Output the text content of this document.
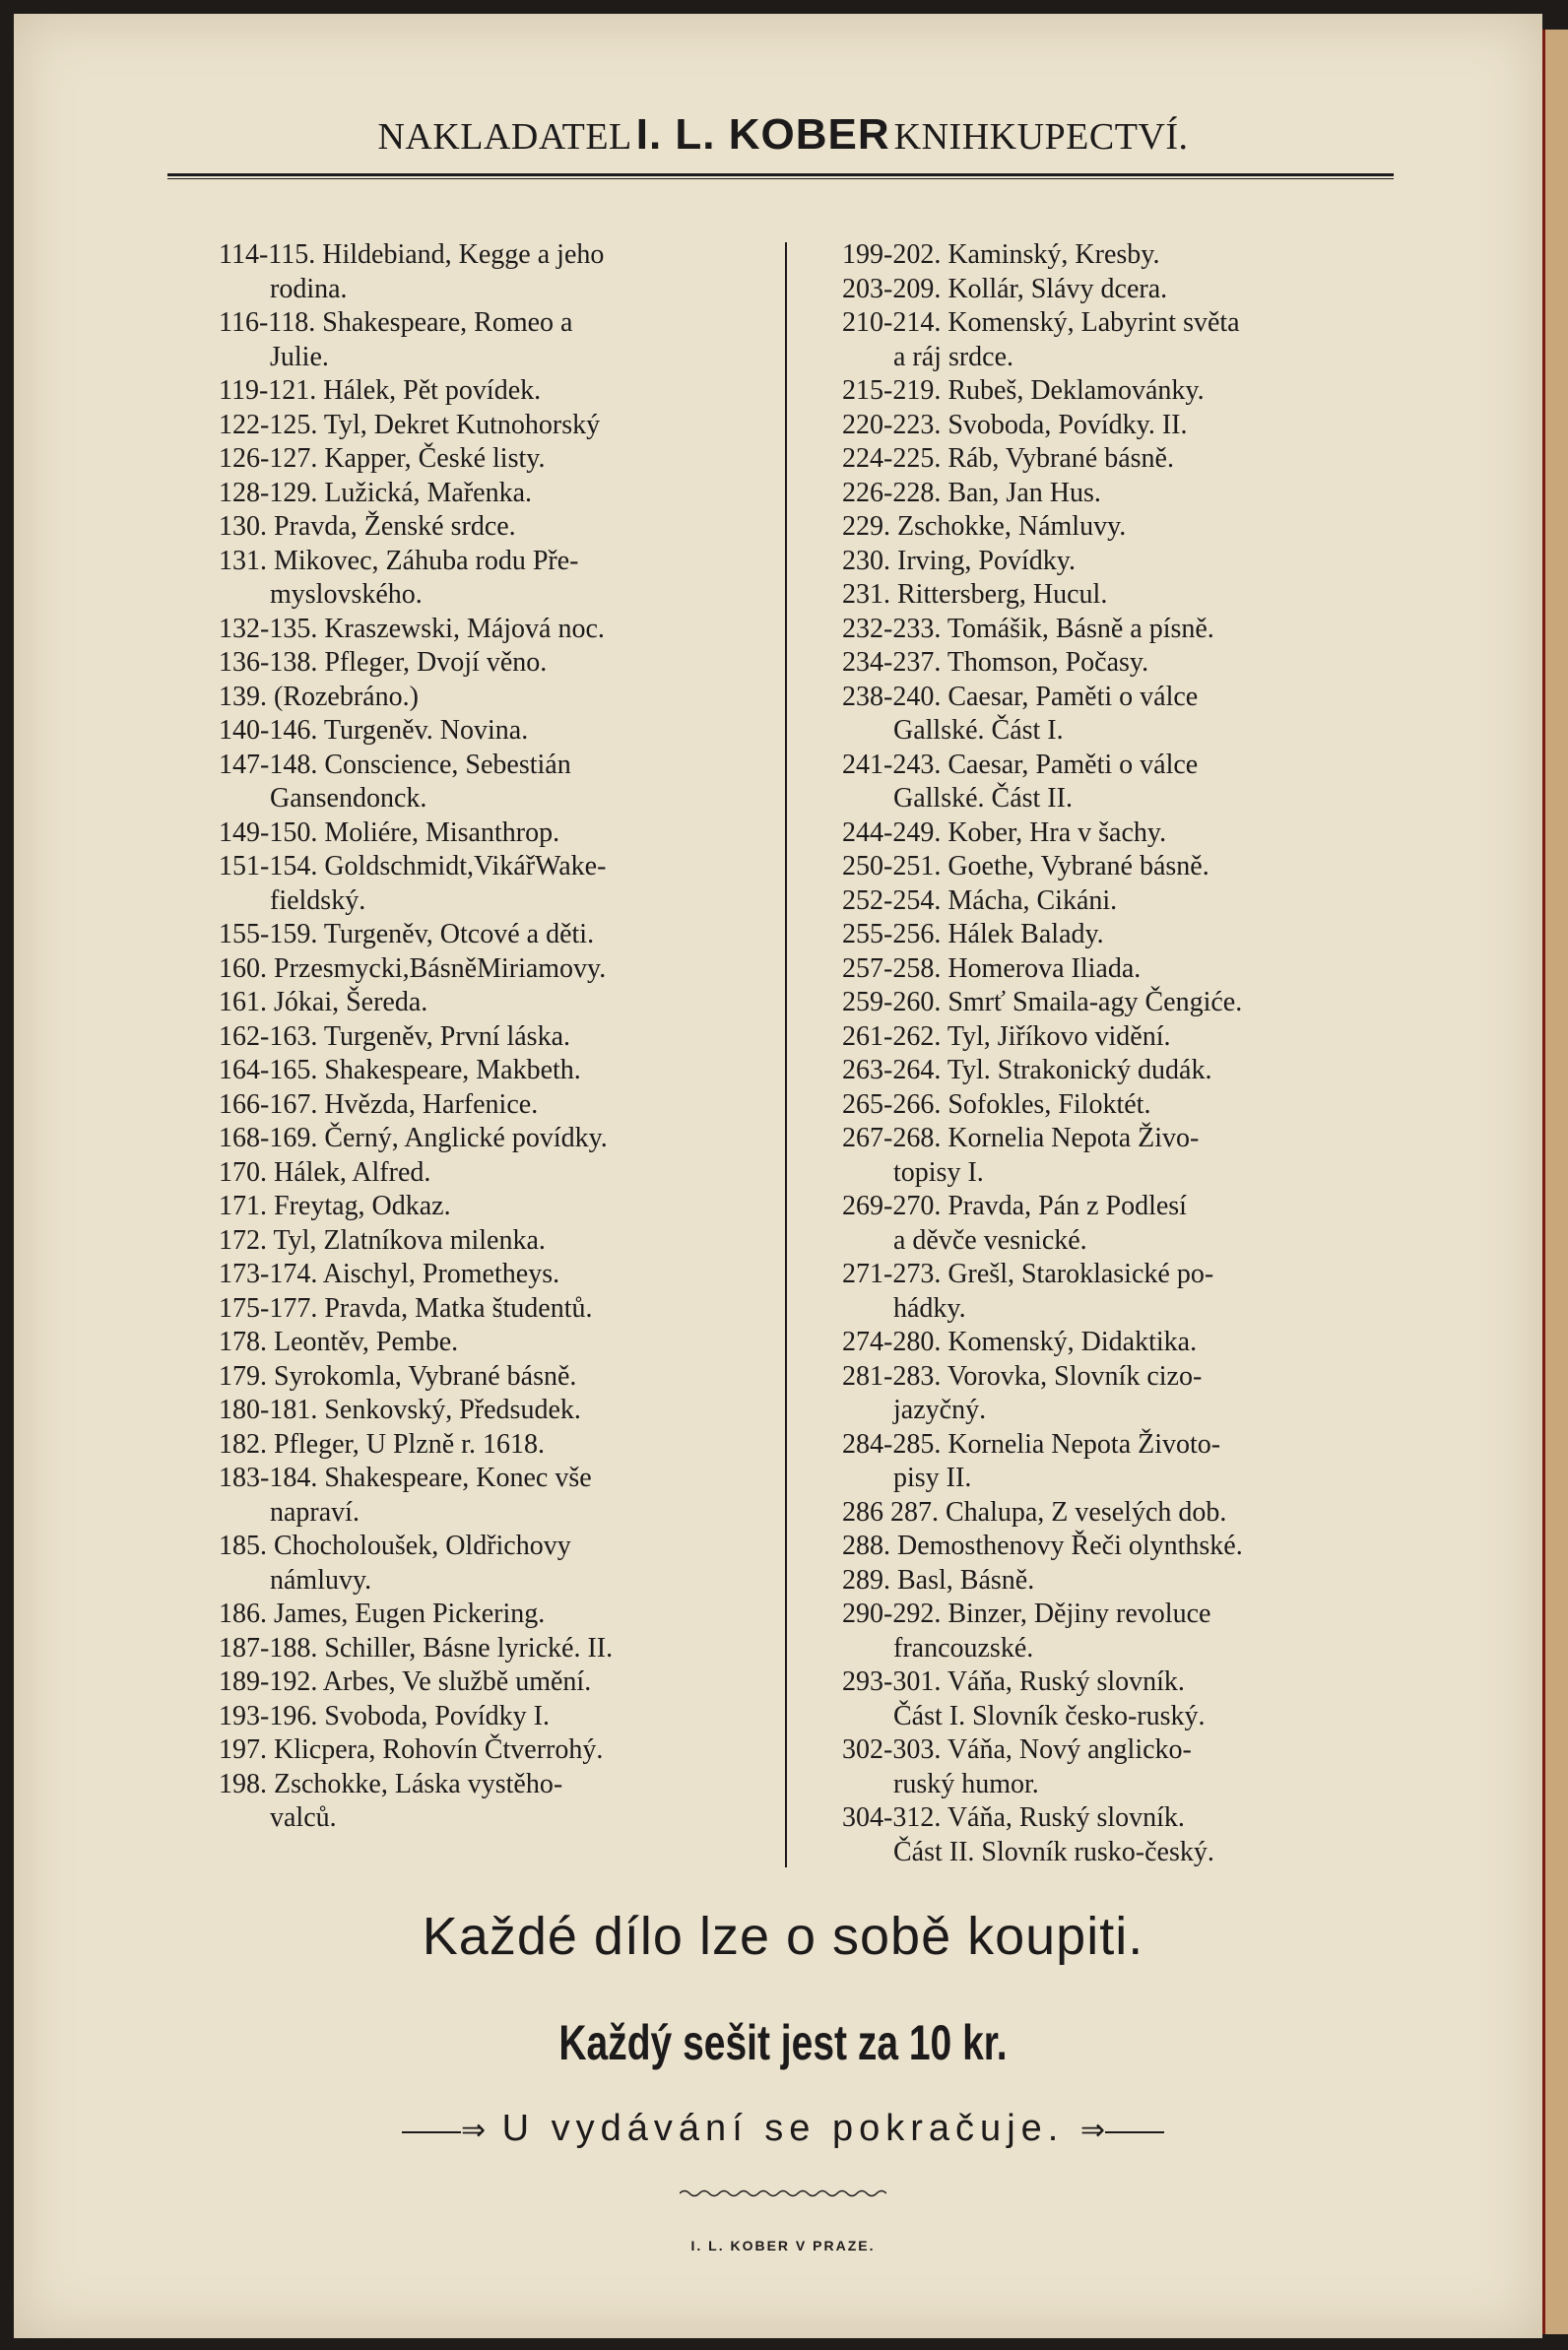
NAKLADATEL I. L. KOBER KNIHKUPECTVÍ.
114-115. Hildebiand, Kegge a jeho
rodina.
116-118. Shakespeare, Romeo a
Julie.
119-121. Hálek, Pět povídek.
122-125. Tyl, Dekret Kutnohorský
126-127. Kapper, České listy.
128-129. Lužická, Mařenka.
130. Pravda, Ženské srdce.
131. Mikovec, Záhuba rodu Pře-
myslovského.
132-135. Kraszewski, Májová noc.
136-138. Pfleger, Dvojí věno.
139. (Rozebráno.)
140-146. Turgeněv. Novina.
147-148. Conscience, Sebestián
Gansendonck.
149-150. Moliére, Misanthrop.
151-154. Goldschmidt,VikářWake-
fieldský.
155-159. Turgeněv, Otcové a děti.
160. Przesmycki,BásněMiriamovy.
161. Jókai, Šereda.
162-163. Turgeněv, První láska.
164-165. Shakespeare, Makbeth.
166-167. Hvězda, Harfenice.
168-169. Černý, Anglické povídky.
170. Hálek, Alfred.
171. Freytag, Odkaz.
172. Tyl, Zlatníkova milenka.
173-174. Aischyl, Prometheys.
175-177. Pravda, Matka študentů.
178. Leontěv, Pembe.
179. Syrokomla, Vybrané básně.
180-181. Senkovský, Předsudek.
182. Pfleger, U Plzně r. 1618.
183-184. Shakespeare, Konec vše
napraví.
185. Chocholoušek, Oldřichovy
námluvy.
186. James, Eugen Pickering.
187-188. Schiller, Básne lyrické. II.
189-192. Arbes, Ve službě umění.
193-196. Svoboda, Povídky I.
197. Klicpera, Rohovín Čtverrohý.
198. Zschokke, Láska vystěho-
valců.
199-202. Kaminský, Kresby.
203-209. Kollár, Slávy dcera.
210-214. Komenský, Labyrint světa
a ráj srdce.
215-219. Rubeš, Deklamovánky.
220-223. Svoboda, Povídky. II.
224-225. Ráb, Vybrané básně.
226-228. Ban, Jan Hus.
229. Zschokke, Námluvy.
230. Irving, Povídky.
231. Rittersberg, Hucul.
232-233. Tomášik, Básně a písně.
234-237. Thomson, Počasy.
238-240. Caesar, Paměti o válce
Gallské. Část I.
241-243. Caesar, Paměti o válce
Gallské. Část II.
244-249. Kober, Hra v šachy.
250-251. Goethe, Vybrané básně.
252-254. Mácha, Cikáni.
255-256. Hálek Balady.
257-258. Homerova Iliada.
259-260. Smrť Smaila-agy Čengiće.
261-262. Tyl, Jiříkovo vidění.
263-264. Tyl. Strakonický dudák.
265-266. Sofokles, Filoktét.
267-268. Kornelia Nepota Živo-
topisy I.
269-270. Pravda, Pán z Podlesí
a děvče vesnické.
271-273. Grešl, Staroklasické po-
hádky.
274-280. Komenský, Didaktika.
281-283. Vorovka, Slovník cizo-
jazyčný.
284-285. Kornelia Nepota Životo-
pisy II.
286 287. Chalupa, Z veselých dob.
288. Demosthenovy Řeči olynthské.
289. Basl, Básně.
290-292. Binzer, Dějiny revoluce
francouzské.
293-301. Váňa, Ruský slovník.
Část I. Slovník česko-ruský.
302-303. Váňa, Nový anglicko-
ruský humor.
304-312. Váňa, Ruský slovník.
Část II. Slovník rusko-český.
Každé dílo lze o sobě koupiti.
Každý sešit jest za 10 kr.
——⇒ U vydávání se pokračuje. ⇒——
I. L. KOBER V PRAZE.
